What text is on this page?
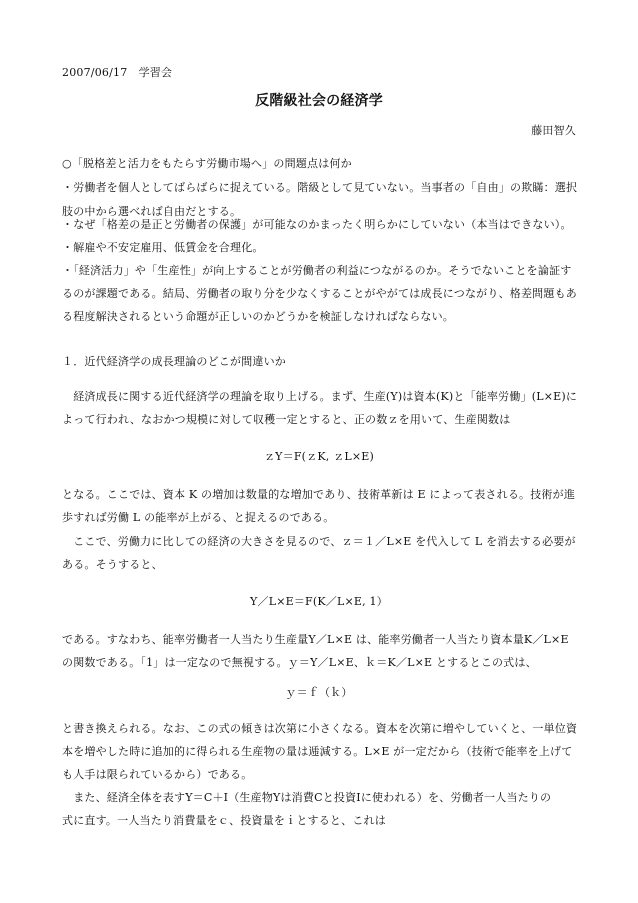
2007/06/17　学習会
反階級社会の経済学
藤田智久
○「脱格差と活力をもたらす労働市場へ」の問題点は何か
・労働者を個人としてばらばらに捉えている。階級として見ていない。当事者の「自由」の欺瞞：選択
肢の中から選べれば自由だとする。
・なぜ「格差の是正と労働者の保護」が可能なのかまったく明らかにしていない（本当はできない）。
・解雇や不安定雇用、低賃金を合理化。
・「経済活力」や「生産性」が向上することが労働者の利益につながるのか。そうでないことを論証す
るのが課題である。結局、労働者の取り分を少なくすることがやがては成長につながり、格差問題もあ
る程度解決されるという命題が正しいのかどうかを検証しなければならない。
１．近代経済学の成長理論のどこが間違いか
　経済成長に関する近代経済学の理論を取り上げる。まず、生産(Y)は資本(K)と「能率労働」(L×E)に
よって行われ、なおかつ規模に対して収穫一定とすると、正の数ｚを用いて、生産関数は
ｚY＝F(ｚK, ｚL×E)
となる。ここでは、資本 K の増加は数量的な増加であり、技術革新は E によって表される。技術が進
歩すれば労働 L の能率が上がる、と捉えるのである。
　ここで、労働力に比しての経済の大きさを見るので、ｚ＝１／L×E を代入して L を消去する必要が
ある。そうすると、
Y／L×E＝F(K／L×E, 1）
である。すなわち、能率労働者一人当たり生産量Y／L×E は、能率労働者一人当たり資本量K／L×E
の関数である。「1」は一定なので無視する。ｙ＝Y／L×E、ｋ＝K／L×E とするとこの式は、
ｙ＝ｆ（ｋ）
と書き換えられる。なお、この式の傾きは次第に小さくなる。資本を次第に増やしていくと、一単位資
本を増やした時に追加的に得られる生産物の量は逓減する。L×E が一定だから（技術で能率を上げて
も人手は限られているから）である。
　また、経済全体を表すY＝C＋I（生産物Yは消費Cと投資Iに使われる）を、労働者一人当たりの
式に直す。一人当たり消費量をｃ、投資量をｉとすると、これは
